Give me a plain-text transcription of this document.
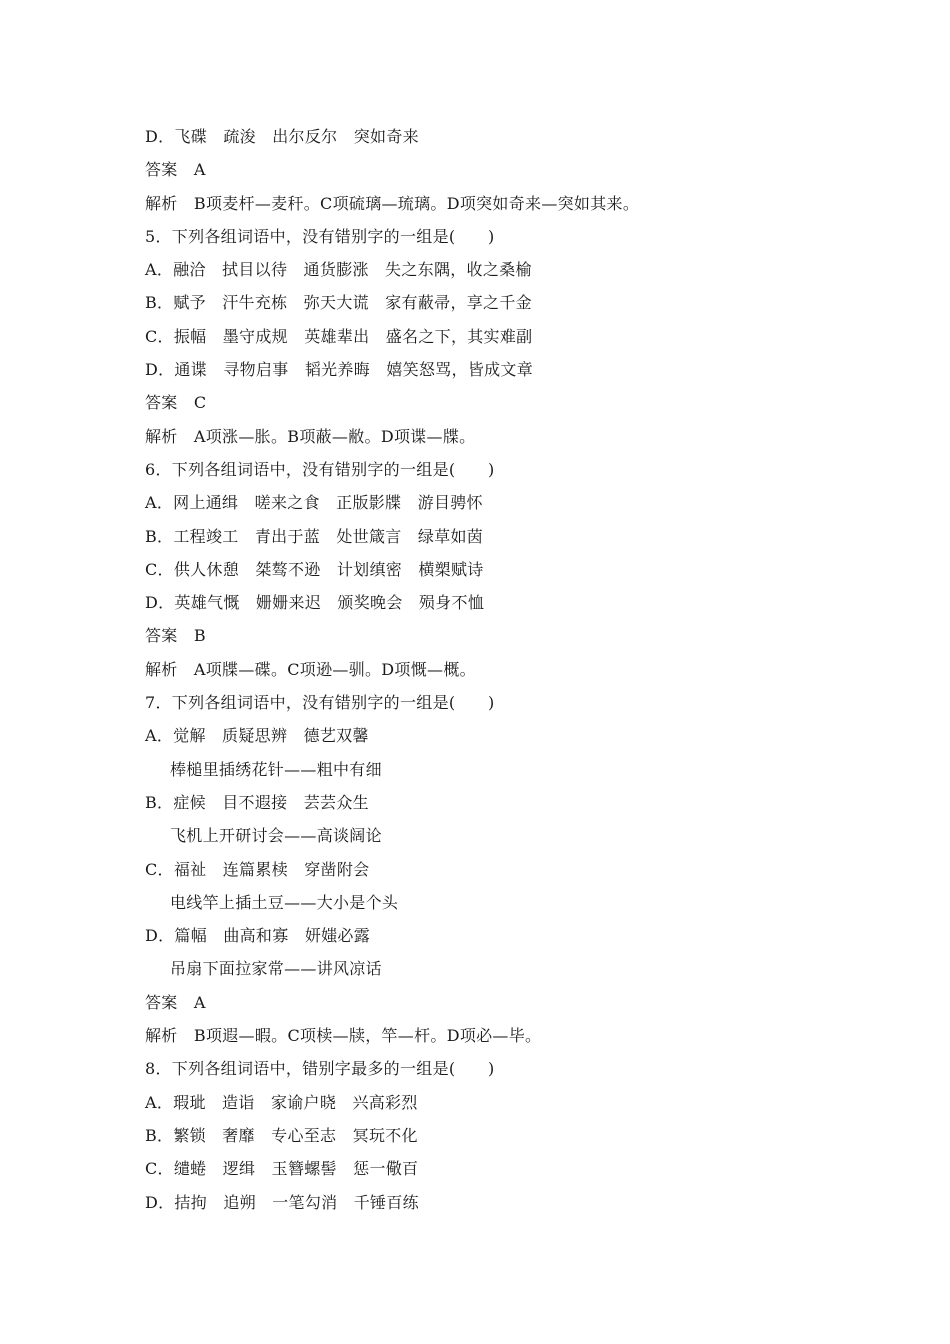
D．飞碟　疏浚　出尔反尔　突如奇来
答案　A
解析　B项麦杆—麦秆。C项硫璃—琉璃。D项突如奇来—突如其来。
5．下列各组词语中，没有错别字的一组是(　　)
A．融洽　拭目以待　通货膨涨　失之东隅，收之桑榆
B．赋予　汗牛充栋　弥天大谎　家有蔽帚，享之千金
C．振幅　墨守成规　英雄辈出　盛名之下，其实难副
D．通谍　寻物启事　韬光养晦　嬉笑怒骂，皆成文章
答案　C
解析　A项涨—胀。B项蔽—敝。D项谍—牒。
6．下列各组词语中，没有错别字的一组是(　　)
A．网上通缉　嗟来之食　正版影牒　游目骋怀
B．工程竣工　青出于蓝　处世箴言　绿草如茵
C．供人休憩　桀骜不逊　计划缜密　横槊赋诗
D．英雄气慨　姗姗来迟　颁奖晚会　殒身不恤
答案　B
解析　A项牒—碟。C项逊—驯。D项慨—概。
7．下列各组词语中，没有错别字的一组是(　　)
A．觉解　质疑思辨　德艺双馨
棒槌里插绣花针——粗中有细
B．症候　目不遐接　芸芸众生
飞机上开研讨会——高谈阔论
C．福祉　连篇累椟　穿凿附会
电线竿上插土豆——大小是个头
D．篇幅　曲高和寡　妍媸必露
吊扇下面拉家常——讲风凉话
答案　A
解析　B项遐—暇。C项椟—牍，竿—杆。D项必—毕。
8．下列各组词语中，错别字最多的一组是(　　)
A．瑕玼　造诣　家谕户晓　兴高彩烈
B．繁锁　奢靡　专心至志　冥玩不化
C．缱蜷　逻缉　玉簪螺髻　惩一儆百
D．拮拘　追朔　一笔勾消　千锤百练
